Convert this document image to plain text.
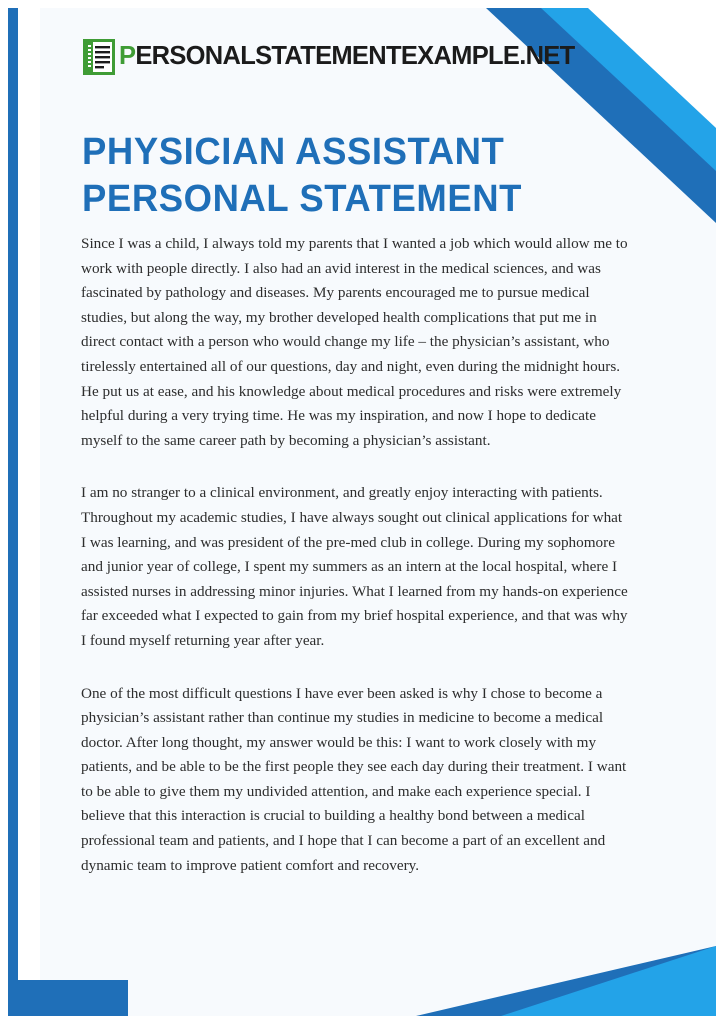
PERSONALSTATEMENTEXAMPLE.NET
PHYSICIAN ASSISTANT
PERSONAL STATEMENT

Since I was a child, I always told my parents that I wanted a job which would allow me to work with people directly. I also had an avid interest in the medical sciences, and was fascinated by pathology and diseases. My parents encouraged me to pursue medical studies, but along the way, my brother developed health complications that put me in direct contact with a person who would change my life – the physician’s assistant, who tirelessly entertained all of our questions, day and night, even during the midnight hours. He put us at ease, and his knowledge about medical procedures and risks were extremely helpful during a very trying time. He was my inspiration, and now I hope to dedicate myself to the same career path by becoming a physician’s assistant.

I am no stranger to a clinical environment, and greatly enjoy interacting with patients. Throughout my academic studies, I have always sought out clinical applications for what I was learning, and was president of the pre-med club in college. During my sophomore and junior year of college, I spent my summers as an intern at the local hospital, where I assisted nurses in addressing minor injuries. What I learned from my hands-on experience far exceeded what I expected to gain from my brief hospital experience, and that was why I found myself returning year after year.

One of the most difficult questions I have ever been asked is why I chose to become a physician’s assistant rather than continue my studies in medicine to become a medical doctor. After long thought, my answer would be this: I want to work closely with my patients, and be able to be the first people they see each day during their treatment. I want to be able to give them my undivided attention, and make each experience special. I believe that this interaction is crucial to building a healthy bond between a medical professional team and patients, and I hope that I can become a part of an excellent and dynamic team to improve patient comfort and recovery.
